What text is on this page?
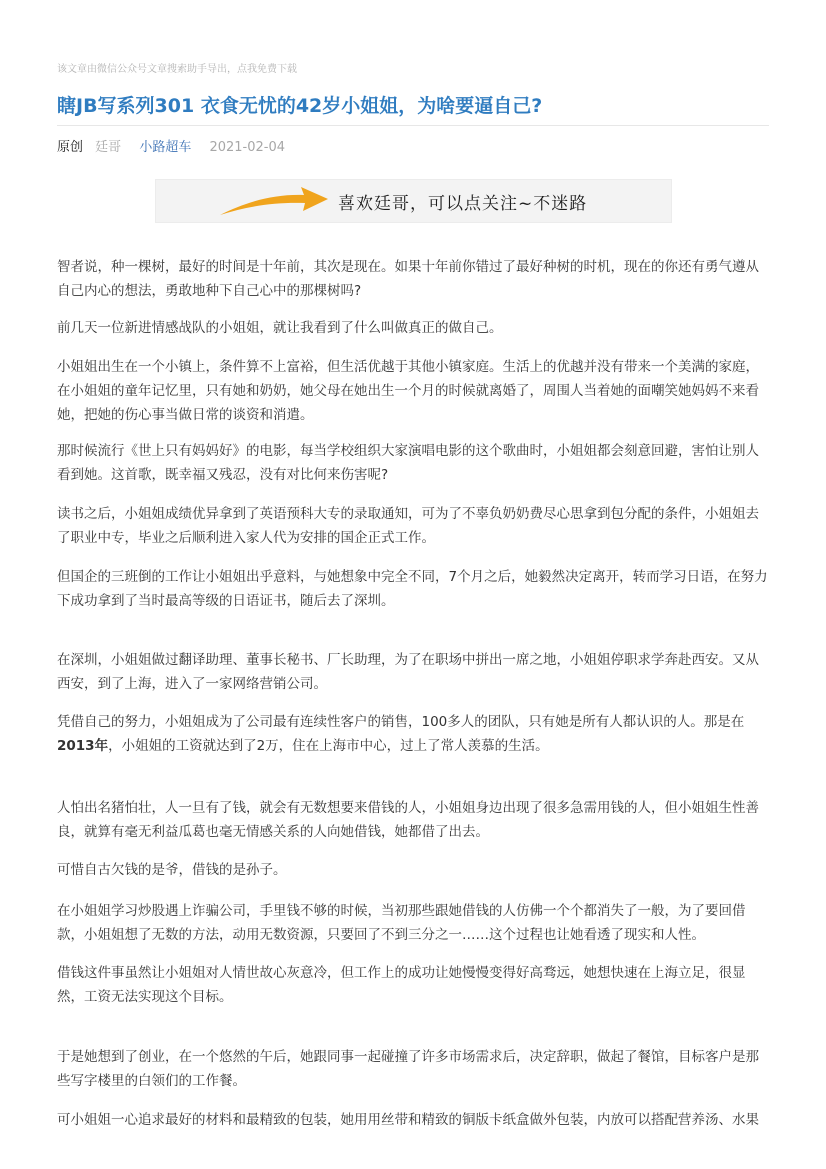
该文章由微信公众号文章搜索助手导出，点我免费下载
瞎JB写系列301 衣食无忧的42岁小姐姐，为啥要逼自己?
原创 廷哥 小路超车 2021-02-04
喜欢廷哥，可以点关注~不迷路

智者说，种一棵树，最好的时间是十年前，其次是现在。如果十年前你错过了最好种树的时机，现在的你还有勇气遵从自己内心的想法，勇敢地种下自己心中的那棵树吗?

前几天一位新进情感战队的小姐姐，就让我看到了什么叫做真正的做自己。

小姐姐出生在一个小镇上，条件算不上富裕，但生活优越于其他小镇家庭。生活上的优越并没有带来一个美满的家庭，在小姐姐的童年记忆里，只有她和奶奶，她父母在她出生一个月的时候就离婚了，周围人当着她的面嘲笑她妈妈不来看她，把她的伤心事当做日常的谈资和消遣。

那时候流行《世上只有妈妈好》的电影，每当学校组织大家演唱电影的这个歌曲时，小姐姐都会刻意回避，害怕让别人看到她。这首歌，既幸福又残忍，没有对比何来伤害呢?

读书之后，小姐姐成绩优异拿到了英语预科大专的录取通知，可为了不辜负奶奶费尽心思拿到包分配的条件，小姐姐去了职业中专，毕业之后顺利进入家人代为安排的国企正式工作。

但国企的三班倒的工作让小姐姐出乎意料，与她想象中完全不同，7个月之后，她毅然决定离开，转而学习日语，在努力下成功拿到了当时最高等级的日语证书，随后去了深圳。

在深圳，小姐姐做过翻译助理、董事长秘书、厂长助理，为了在职场中拼出一席之地，小姐姐停职求学奔赴西安。又从西安，到了上海，进入了一家网络营销公司。

凭借自己的努力，小姐姐成为了公司最有连续性客户的销售，100多人的团队，只有她是所有人都认识的人。那是在2013年，小姐姐的工资就达到了2万，住在上海市中心，过上了常人羡慕的生活。

人怕出名猪怕壮，人一旦有了钱，就会有无数想要来借钱的人，小姐姐身边出现了很多急需用钱的人，但小姐姐生性善良，就算有毫无利益瓜葛也毫无情感关系的人向她借钱，她都借了出去。

可惜自古欠钱的是爷，借钱的是孙子。

在小姐姐学习炒股遇上诈骗公司，手里钱不够的时候，当初那些跟她借钱的人仿佛一个个都消失了一般，为了要回借款，小姐姐想了无数的方法，动用无数资源，只要回了不到三分之一……这个过程也让她看透了现实和人性。

借钱这件事虽然让小姐姐对人情世故心灰意冷，但工作上的成功让她慢慢变得好高骛远，她想快速在上海立足，很显然，工资无法实现这个目标。

于是她想到了创业，在一个悠然的午后，她跟同事一起碰撞了许多市场需求后，决定辞职，做起了餐馆，目标客户是那些写字楼里的白领们的工作餐。

可小姐姐一心追求最好的材料和最精致的包装，她用用丝带和精致的铜版卡纸盒做外包装，内放可以搭配营养汤、水果
